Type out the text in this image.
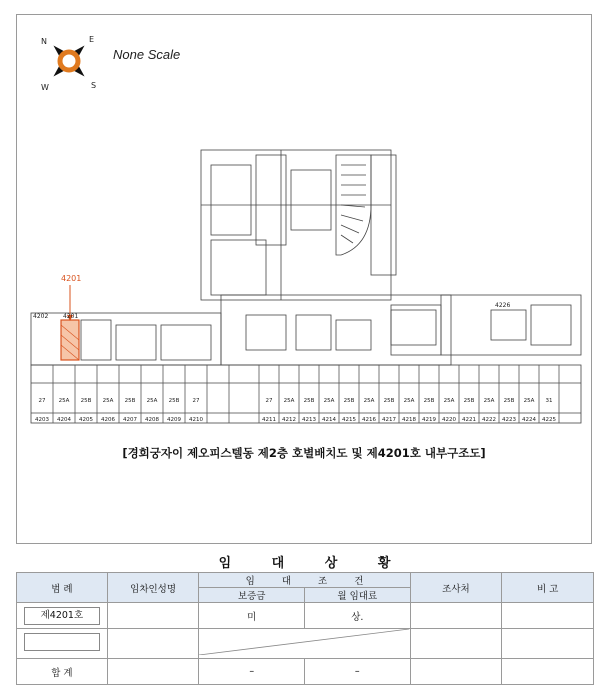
N	E
S
W
None Scale
4201
4202 4201
4226
27 25A 25B 25A 25B 25A 25B 27	27 25A 25B 25A 25B 25A 25B 25A 25B 25A 25B 25A 25B 25A 31
4203 4204 4205 4206 4207 4208 4209 4210	4211 4212 4213 4214 4215 4216 4217 4218 4219 4220 4221 4222 4223 4224 4225
[경희궁자이 제오피스텔동 제2층 호별배치도 및 제4201호 내부구조도]
임 대 상 황
범 례	임차인성명	임 대 조 건		조사처	비 고
		보증금	월 임대료		
제4201호		미	상.		

합 계		–	–		
